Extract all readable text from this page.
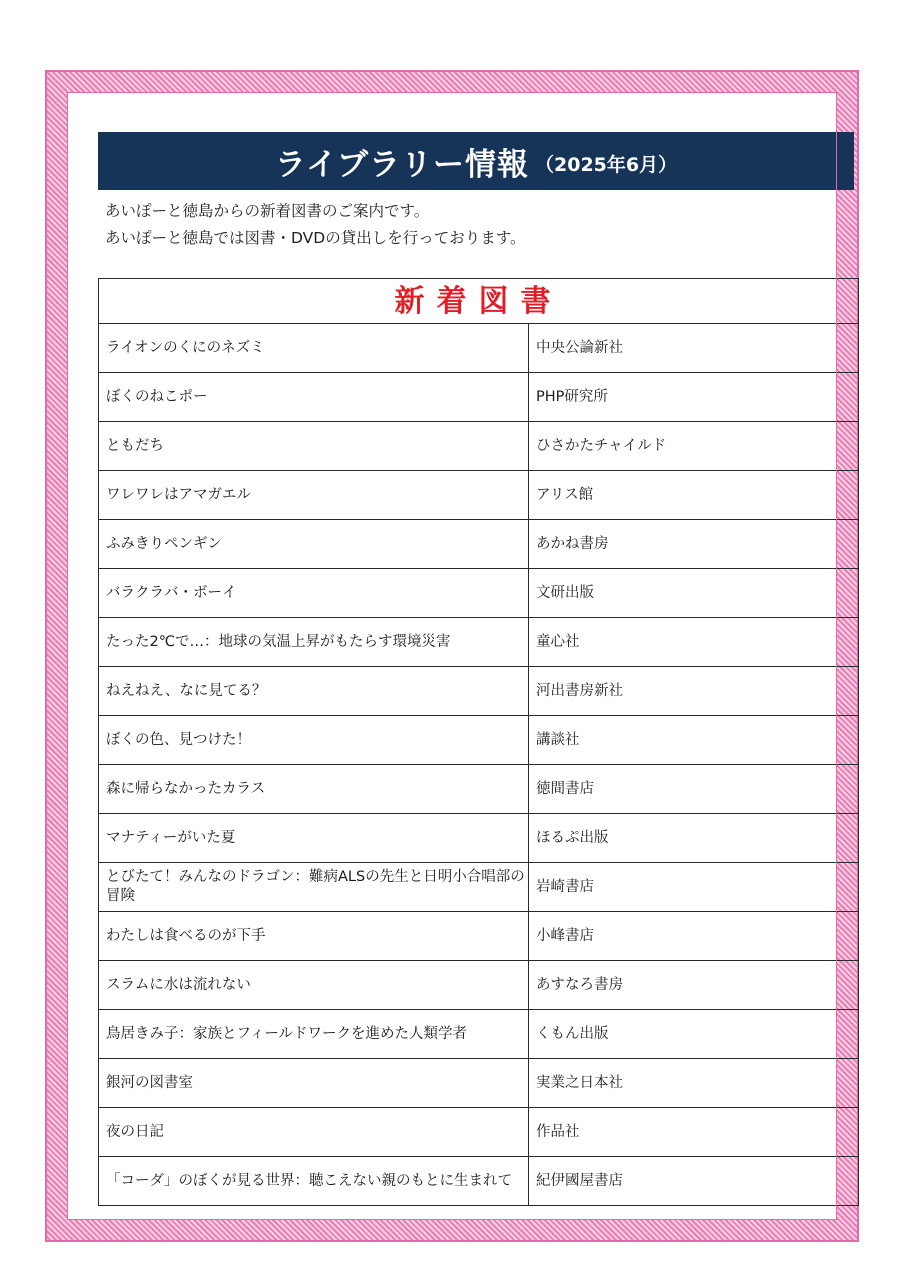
ライブラリー情報 （2025年6月）
あいぽーと徳島からの新着図書のご案内です。
あいぽーと徳島では図書・DVDの貸出しを行っております。
新着図書	
ライオンのくにのネズミ	中央公論新社
ぼくのねこポー	PHP研究所
ともだち	ひさかたチャイルド
ワレワレはアマガエル	アリス館
ふみきりペンギン	あかね書房
バラクラバ・ボーイ	文研出版
たった2℃で…：地球の気温上昇がもたらす環境災害	童心社
ねえねえ、なに見てる？	河出書房新社
ぼくの色、見つけた！	講談社
森に帰らなかったカラス	徳間書店
マナティーがいた夏	ほるぷ出版
とびたて！みんなのドラゴン：難病ALSの先生と日明小合唱部の冒険	岩崎書店
わたしは食べるのが下手	小峰書店
スラムに水は流れない	あすなろ書房
鳥居きみ子：家族とフィールドワークを進めた人類学者	くもん出版
銀河の図書室	実業之日本社
夜の日記	作品社
「コーダ」のぼくが見る世界：聴こえない親のもとに生まれて	紀伊國屋書店
